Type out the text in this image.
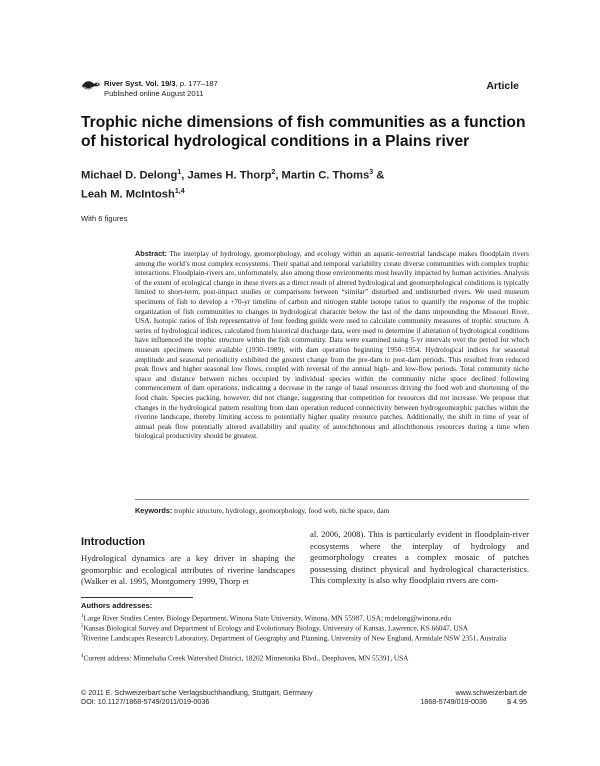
River Syst. Vol. 19/3, p. 177–187
Published online August 2011
Article
Trophic niche dimensions of fish communities as a function of historical hydrological conditions in a Plains river
Michael D. Delong$^1$, James H. Thorp$^2$, Martin C. Thoms$^3$ &
Leah M. McIntosh$^{1,4}$
With 6 figures
Abstract: The interplay of hydrology, geomorphology, and ecology within an aquatic-terrestrial landscape makes floodplain rivers among the world’s most complex ecosystems. Their spatial and temporal variability create diverse communities with complex trophic interactions. Floodplain-rivers are, unfortunately, also among those environments most heavily impacted by human activities. Analysis of the extent of ecological change in these rivers as a direct result of altered hydrological and geomorphological conditions is typically limited to short-term, post-impact studies or comparisons between “similar” disturbed and undisturbed rivers. We used museum specimens of fish to develop a +70-yr timeline of carbon and nitrogen stable isotope ratios to quantify the response of the trophic organization of fish communities to changes in hydrological character below the last of the dams impounding the Missouri River, USA. Isotopic ratios of fish representative of four feeding guilds were used to calculate community measures of trophic structure. A series of hydrological indices, calculated from historical discharge data, were used to determine if alteration of hydrological conditions have influenced the trophic structure within the fish community. Data were examined using 5-yr intervals over the period for which museum specimens were available (1930–1989), with dam operation beginning 1950–1954. Hydrological indices for seasonal amplitude and seasonal periodicity exhibited the greatest change from the pre-dam to post-dam periods. This resulted from reduced peak flows and higher seasonal low flows, coupled with reversal of the annual high- and low-flow periods. Total community niche space and distance between niches occupied by individual species within the community niche space declined following commencement of dam operations, indicating a decrease in the range of basal resources driving the food web and shortening of the food chain. Species packing, however, did not change, suggesting that competition for resources did not increase. We propose that changes in the hydrological pattern resulting from dam operation reduced connectivity between hydrogeomorphic patches within the riverine landscape, thereby limiting access to potentially higher quality resource patches. Additionally, the shift in time of year of annual peak flow potentially altered availability and quality of autochthonous and allochthonous resources during a time when biological productivity should be greatest.
Keywords: trophic structure, hydrology, geomorphology, food web, niche space, dam
Introduction
Hydrological dynamics are a key driver in shaping the geomorphic and ecological attributes of riverine landscapes (Walker et al. 1995, Montgomery 1999, Thorp et
al. 2006, 2008). This is particularly evident in floodplain-river ecosystems where the interplay of hydrology and geomorphology creates a complex mosaic of patches possessing distinct physical and hydrological characteristics. This complexity is also why floodplain rivers are com-
Authors addresses:
$^1$Large River Studies Center, Biology Department, Winona State University, Winona, MN 55987, USA; mdelong@winona.edu
$^2$Kansas Biological Survey and Department of Ecology and Evolutionary Biology, University of Kansas, Lawrence, KS 66047, USA
$^3$Riverine Landscapes Research Laboratory, Department of Geography and Planning, University of New England, Armidale NSW 2351, Australia
$^4$Current address: Minnehaha Creek Watershed District, 18202 Minnetonka Blvd., Deephaven, MN 55391, USA
© 2011 E. Schweizerbart’sche Verlagsbuchhandlung, Stuttgart, Germany
DOI: 10.1127/1868-5749/2011/019-0036
www.schweizerbart.de
1868-5749/019-0036	$ 4.95
